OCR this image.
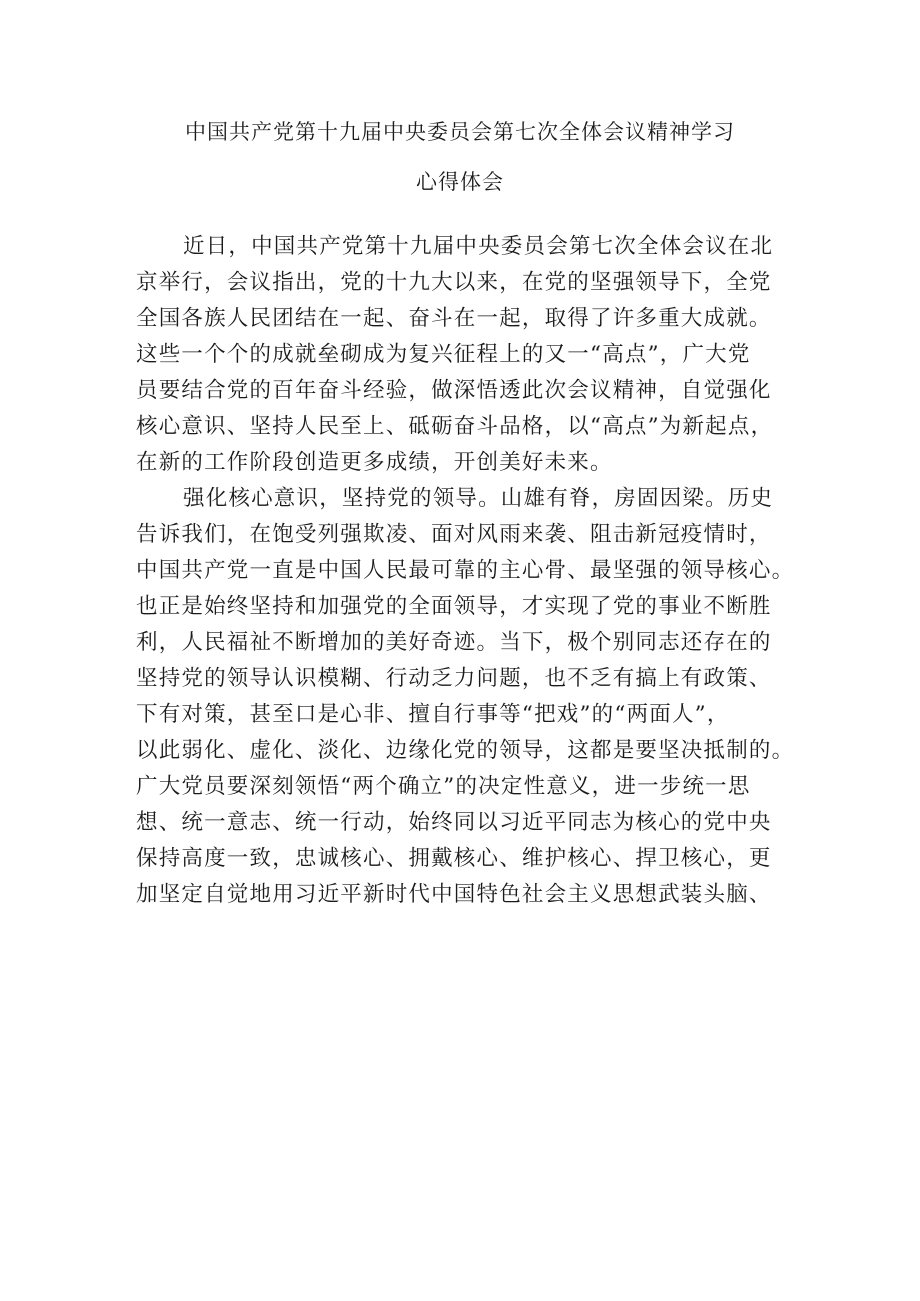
中国共产党第十九届中央委员会第七次全体会议精神学习
心得体会
近日，中国共产党第十九届中央委员会第七次全体会议在北
京举行，会议指出，党的十九大以来，在党的坚强领导下，全党
全国各族人民团结在一起、奋斗在一起，取得了许多重大成就。
这些一个个的成就垒砌成为复兴征程上的又一“高点”，广大党
员要结合党的百年奋斗经验，做深悟透此次会议精神，自觉强化
核心意识、坚持人民至上、砥砺奋斗品格，以“高点”为新起点，
在新的工作阶段创造更多成绩，开创美好未来。
强化核心意识，坚持党的领导。山雄有脊，房固因梁。历史
告诉我们，在饱受列强欺凌、面对风雨来袭、阻击新冠疫情时，
中国共产党一直是中国人民最可靠的主心骨、最坚强的领导核心。
也正是始终坚持和加强党的全面领导，才实现了党的事业不断胜
利，人民福祉不断增加的美好奇迹。当下，极个别同志还存在的
坚持党的领导认识模糊、行动乏力问题，也不乏有搞上有政策、
下有对策，甚至口是心非、擅自行事等“把戏”的“两面人”，
以此弱化、虚化、淡化、边缘化党的领导，这都是要坚决抵制的。
广大党员要深刻领悟“两个确立”的决定性意义，进一步统一思
想、统一意志、统一行动，始终同以习近平同志为核心的党中央
保持高度一致，忠诚核心、拥戴核心、维护核心、捍卫核心，更
加坚定自觉地用习近平新时代中国特色社会主义思想武装头脑、
